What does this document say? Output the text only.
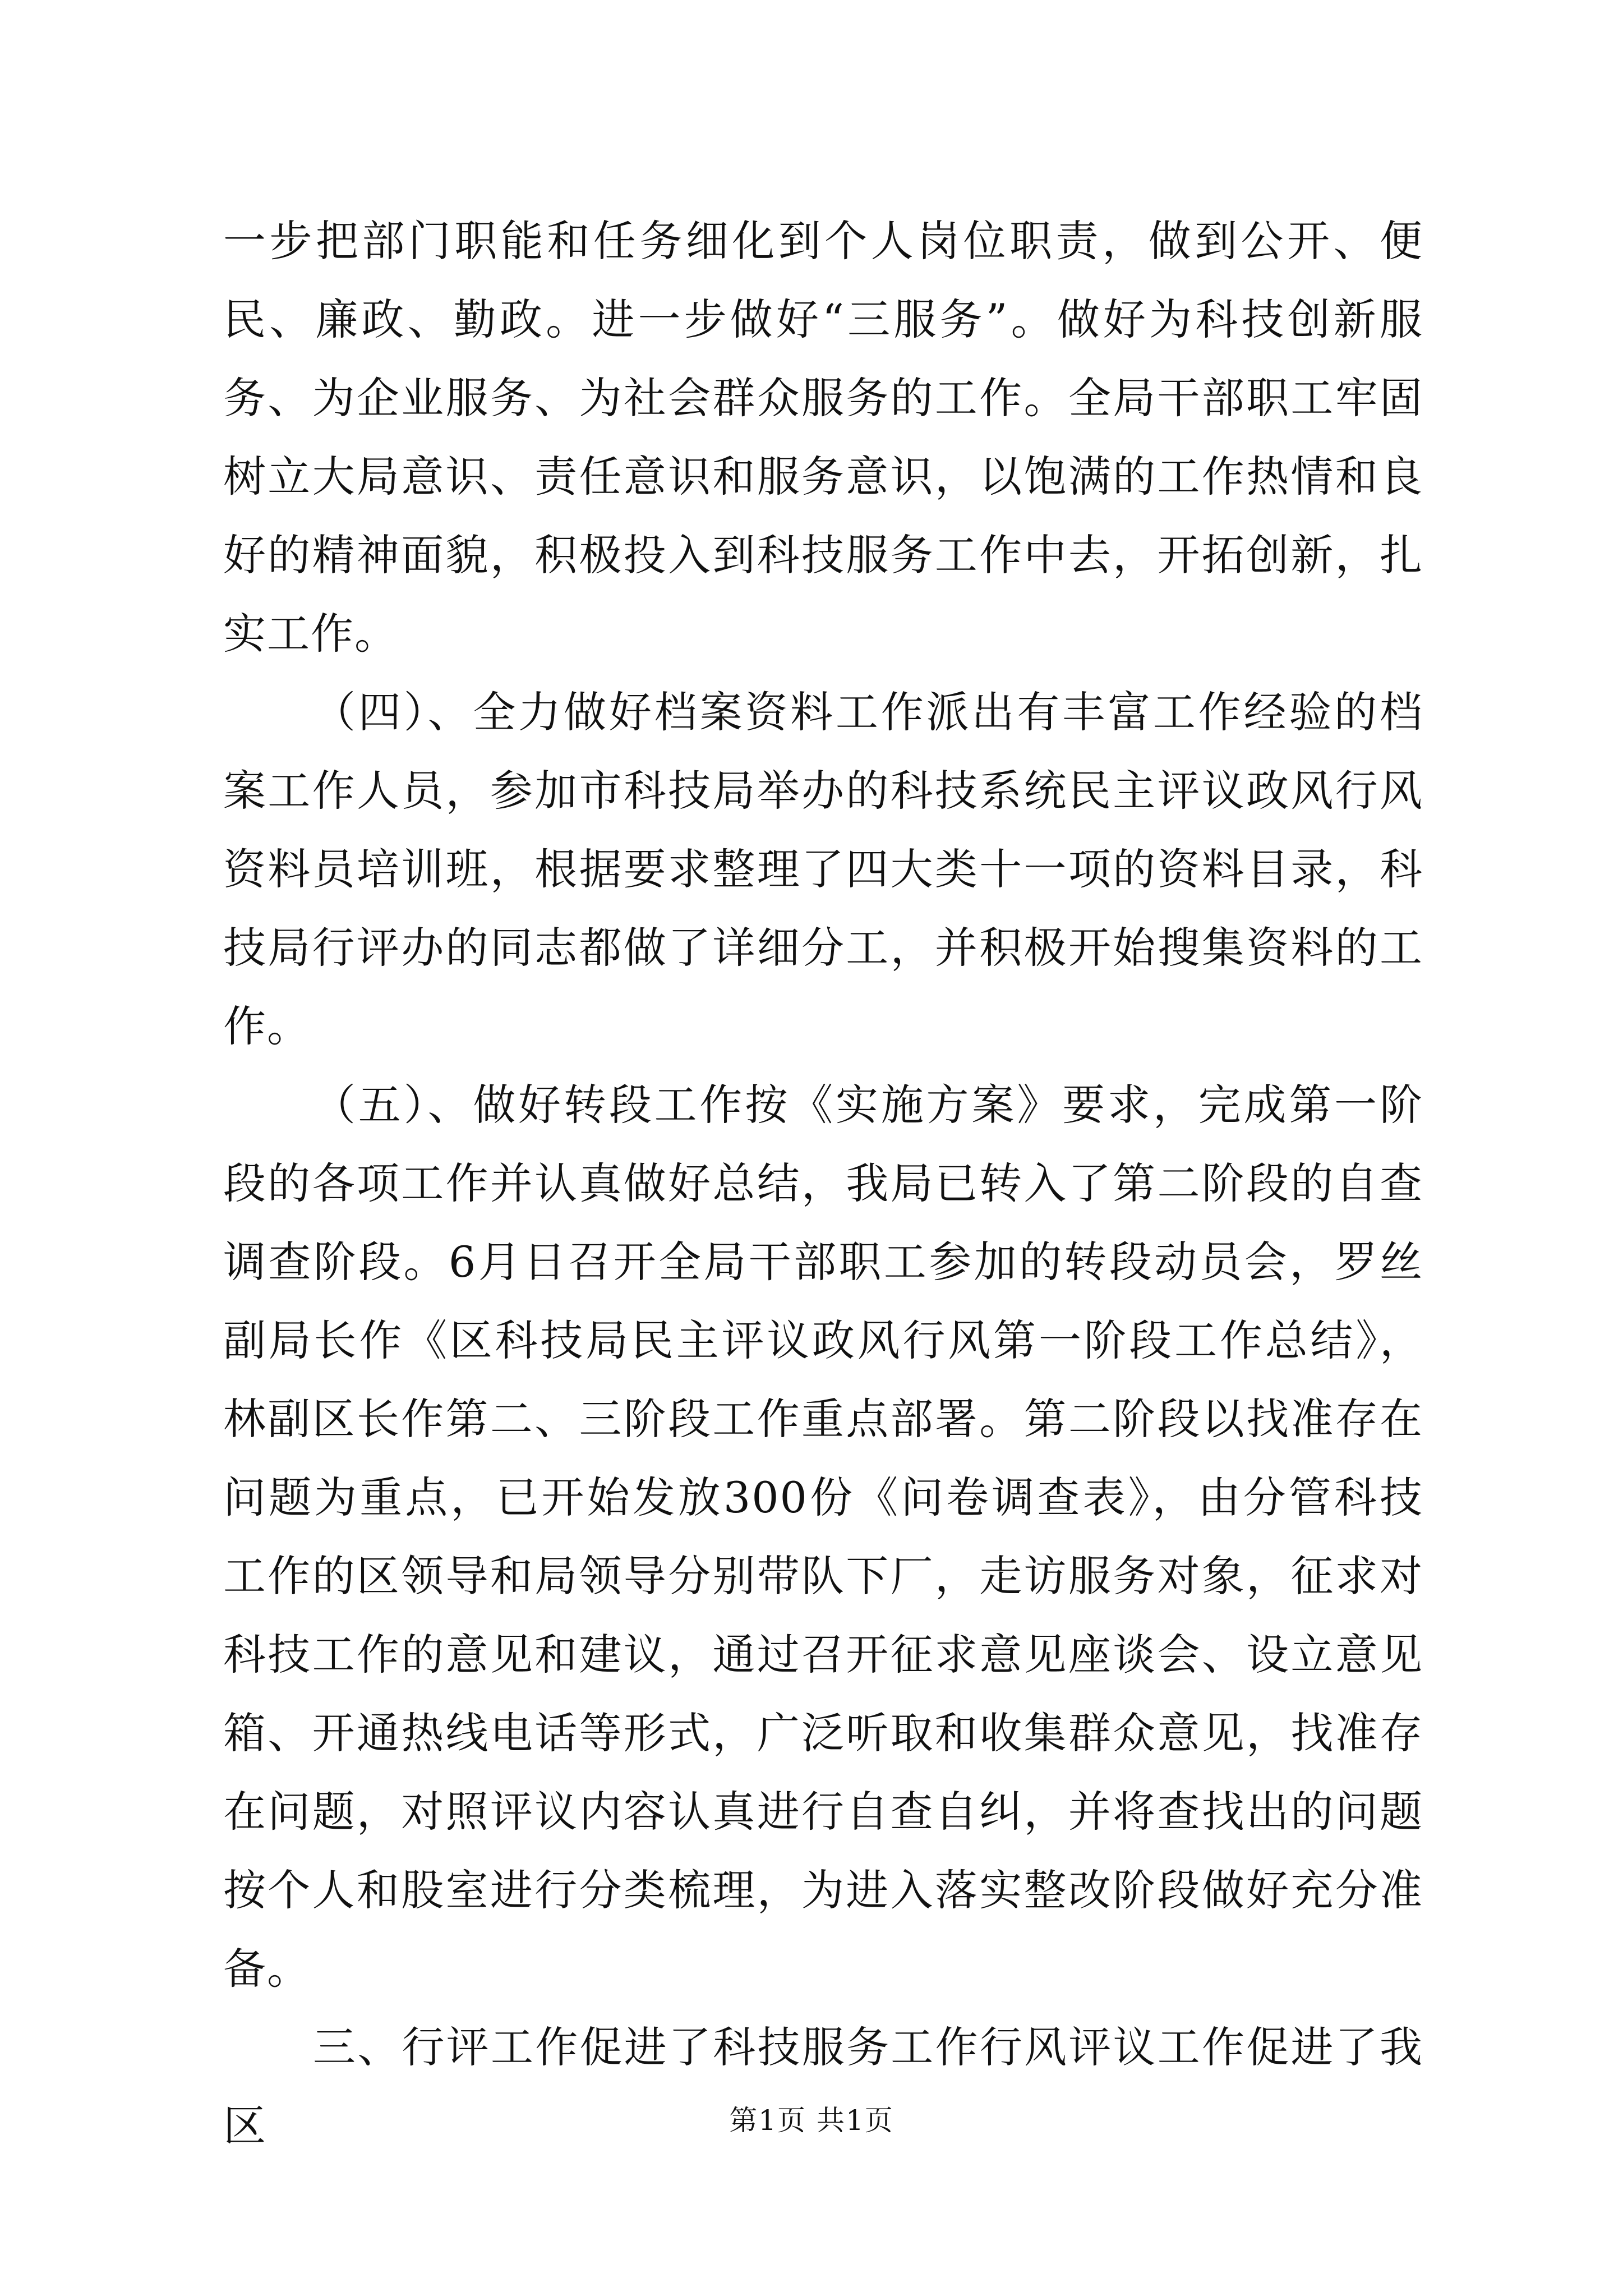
一步把部门职能和任务细化到个人岗位职责，做到公开、便民、廉政、勤政。进一步做好“三服务”。做好为科技创新服务、为企业服务、为社会群众服务的工作。全局干部职工牢固树立大局意识、责任意识和服务意识，以饱满的工作热情和良好的精神面貌，积极投入到科技服务工作中去，开拓创新，扎实工作。

（四）、全力做好档案资料工作派出有丰富工作经验的档案工作人员，参加市科技局举办的科技系统民主评议政风行风资料员培训班，根据要求整理了四大类十一项的资料目录，科技局行评办的同志都做了详细分工，并积极开始搜集资料的工作。

（五）、做好转段工作按《实施方案》要求，完成第一阶段的各项工作并认真做好总结，我局已转入了第二阶段的自查调查阶段。6月日召开全局干部职工参加的转段动员会，罗丝副局长作《区科技局民主评议政风行风第一阶段工作总结》，林副区长作第二、三阶段工作重点部署。第二阶段以找准存在问题为重点，已开始发放300份《问卷调查表》，由分管科技工作的区领导和局领导分别带队下厂，走访服务对象，征求对科技工作的意见和建议，通过召开征求意见座谈会、设立意见箱、开通热线电话等形式，广泛听取和收集群众意见，找准存在问题，对照评议内容认真进行自查自纠，并将查找出的问题按个人和股室进行分类梳理，为进入落实整改阶段做好充分准备。

三、行评工作促进了科技服务工作行风评议工作促进了我区	第1页 共1页
